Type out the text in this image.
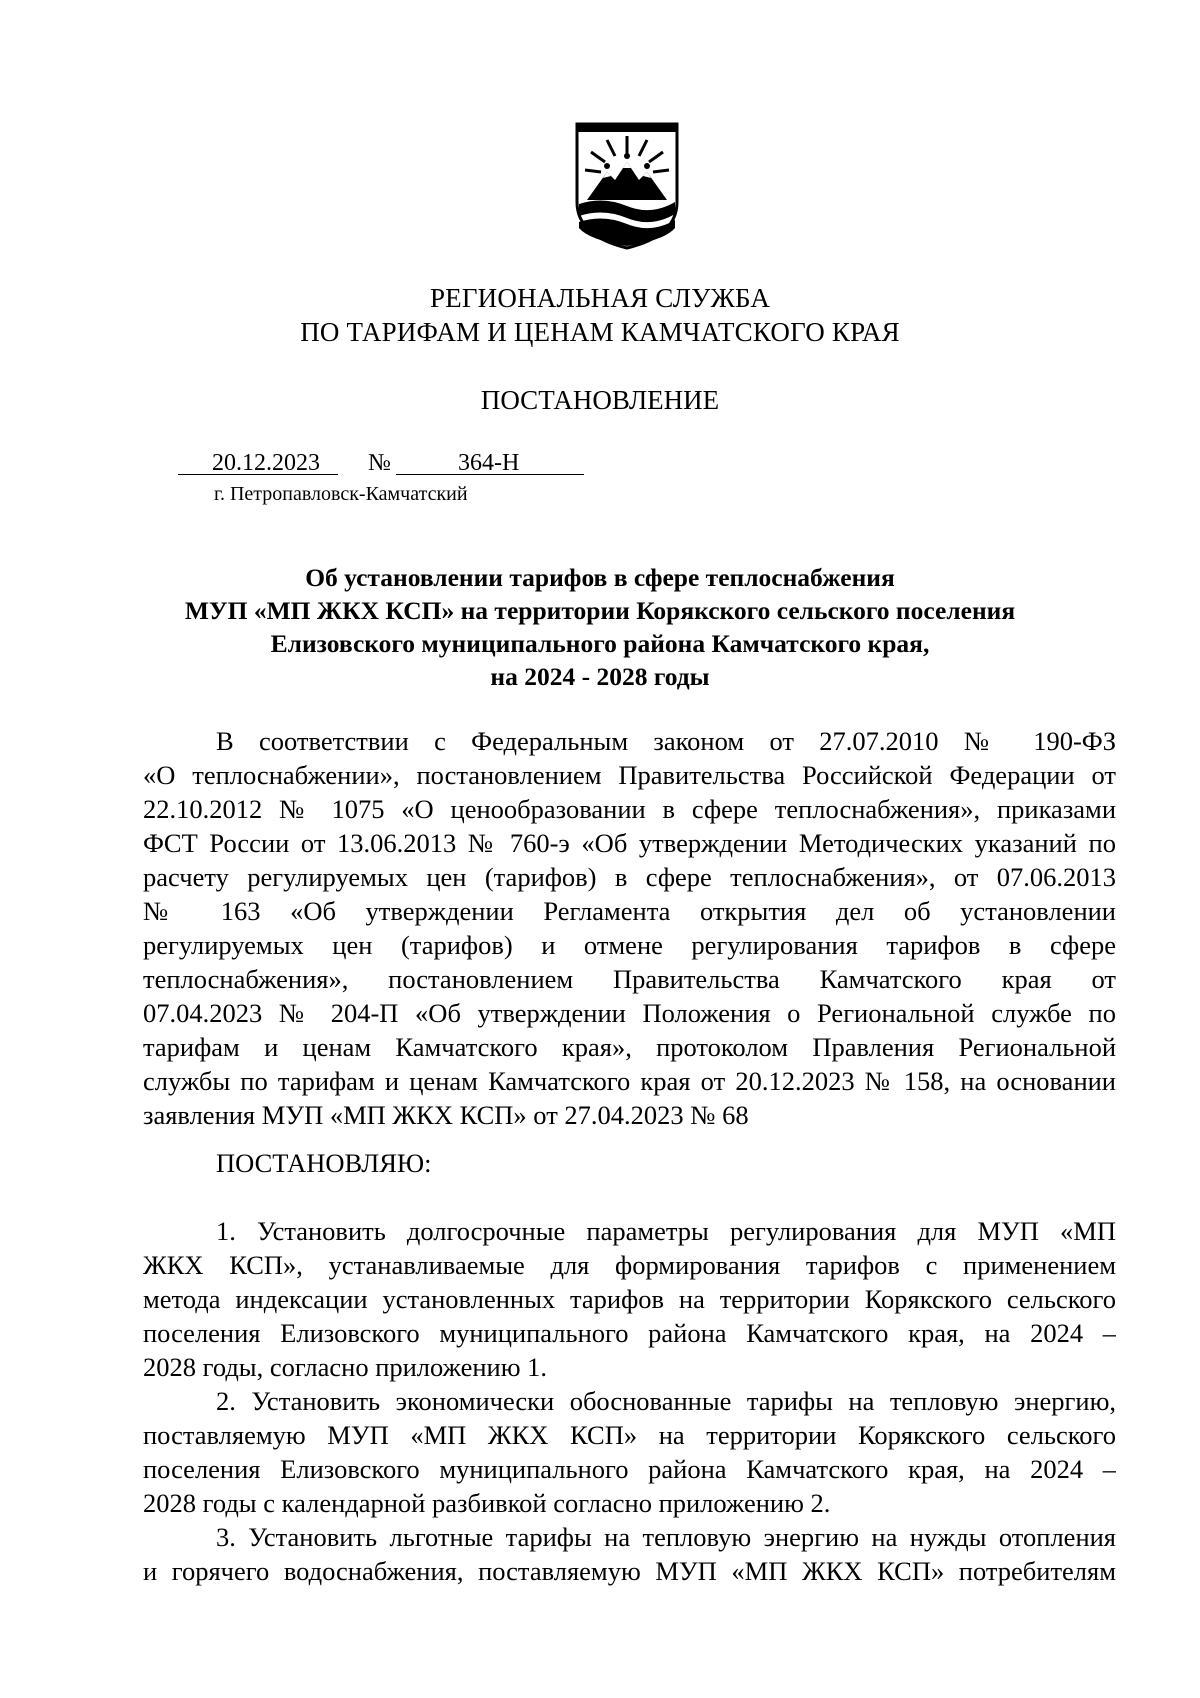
РЕГИОНАЛЬНАЯ СЛУЖБА
ПО ТАРИФАМ И ЦЕНАМ КАМЧАТСКОГО КРАЯ
ПОСТАНОВЛЕНИЕ
20.12.2023 №	364-Н
г. Петропавловск-Камчатский
Об установлении тарифов в сфере теплоснабжения
МУП «МП ЖКХ КСП» на территории Корякского сельского поселения
Елизовского муниципального района Камчатского края,
на 2024 - 2028 годы
В соответствии с Федеральным законом от 27.07.2010 № 190-ФЗ
«О теплоснабжении», постановлением Правительства Российской Федерации от
22.10.2012 № 1075 «О ценообразовании в сфере теплоснабжения», приказами
ФСТ России от 13.06.2013 № 760-э «Об утверждении Методических указаний по
расчету регулируемых цен (тарифов) в сфере теплоснабжения», от 07.06.2013
№ 163 «Об утверждении Регламента открытия дел об установлении
регулируемых цен (тарифов) и отмене регулирования тарифов в сфере
теплоснабжения», постановлением Правительства Камчатского края от
07.04.2023 № 204-П «Об утверждении Положения о Региональной службе по
тарифам и ценам Камчатского края», протоколом Правления Региональной
службы по тарифам и ценам Камчатского края от 20.12.2023 № 158, на основании
заявления МУП «МП ЖКХ КСП» от 27.04.2023 № 68
ПОСТАНОВЛЯЮ:
1. Установить долгосрочные параметры регулирования для МУП «МП
ЖКХ КСП», устанавливаемые для формирования тарифов с применением
метода индексации установленных тарифов на территории Корякского сельского
поселения Елизовского муниципального района Камчатского края, на 2024 –
2028 годы, согласно приложению 1.
2. Установить экономически обоснованные тарифы на тепловую энергию,
поставляемую МУП «МП ЖКХ КСП» на территории Корякского сельского
поселения Елизовского муниципального района Камчатского края, на 2024 –
2028 годы с календарной разбивкой согласно приложению 2.
3. Установить льготные тарифы на тепловую энергию на нужды отопления
и горячего водоснабжения, поставляемую МУП «МП ЖКХ КСП» потребителям
